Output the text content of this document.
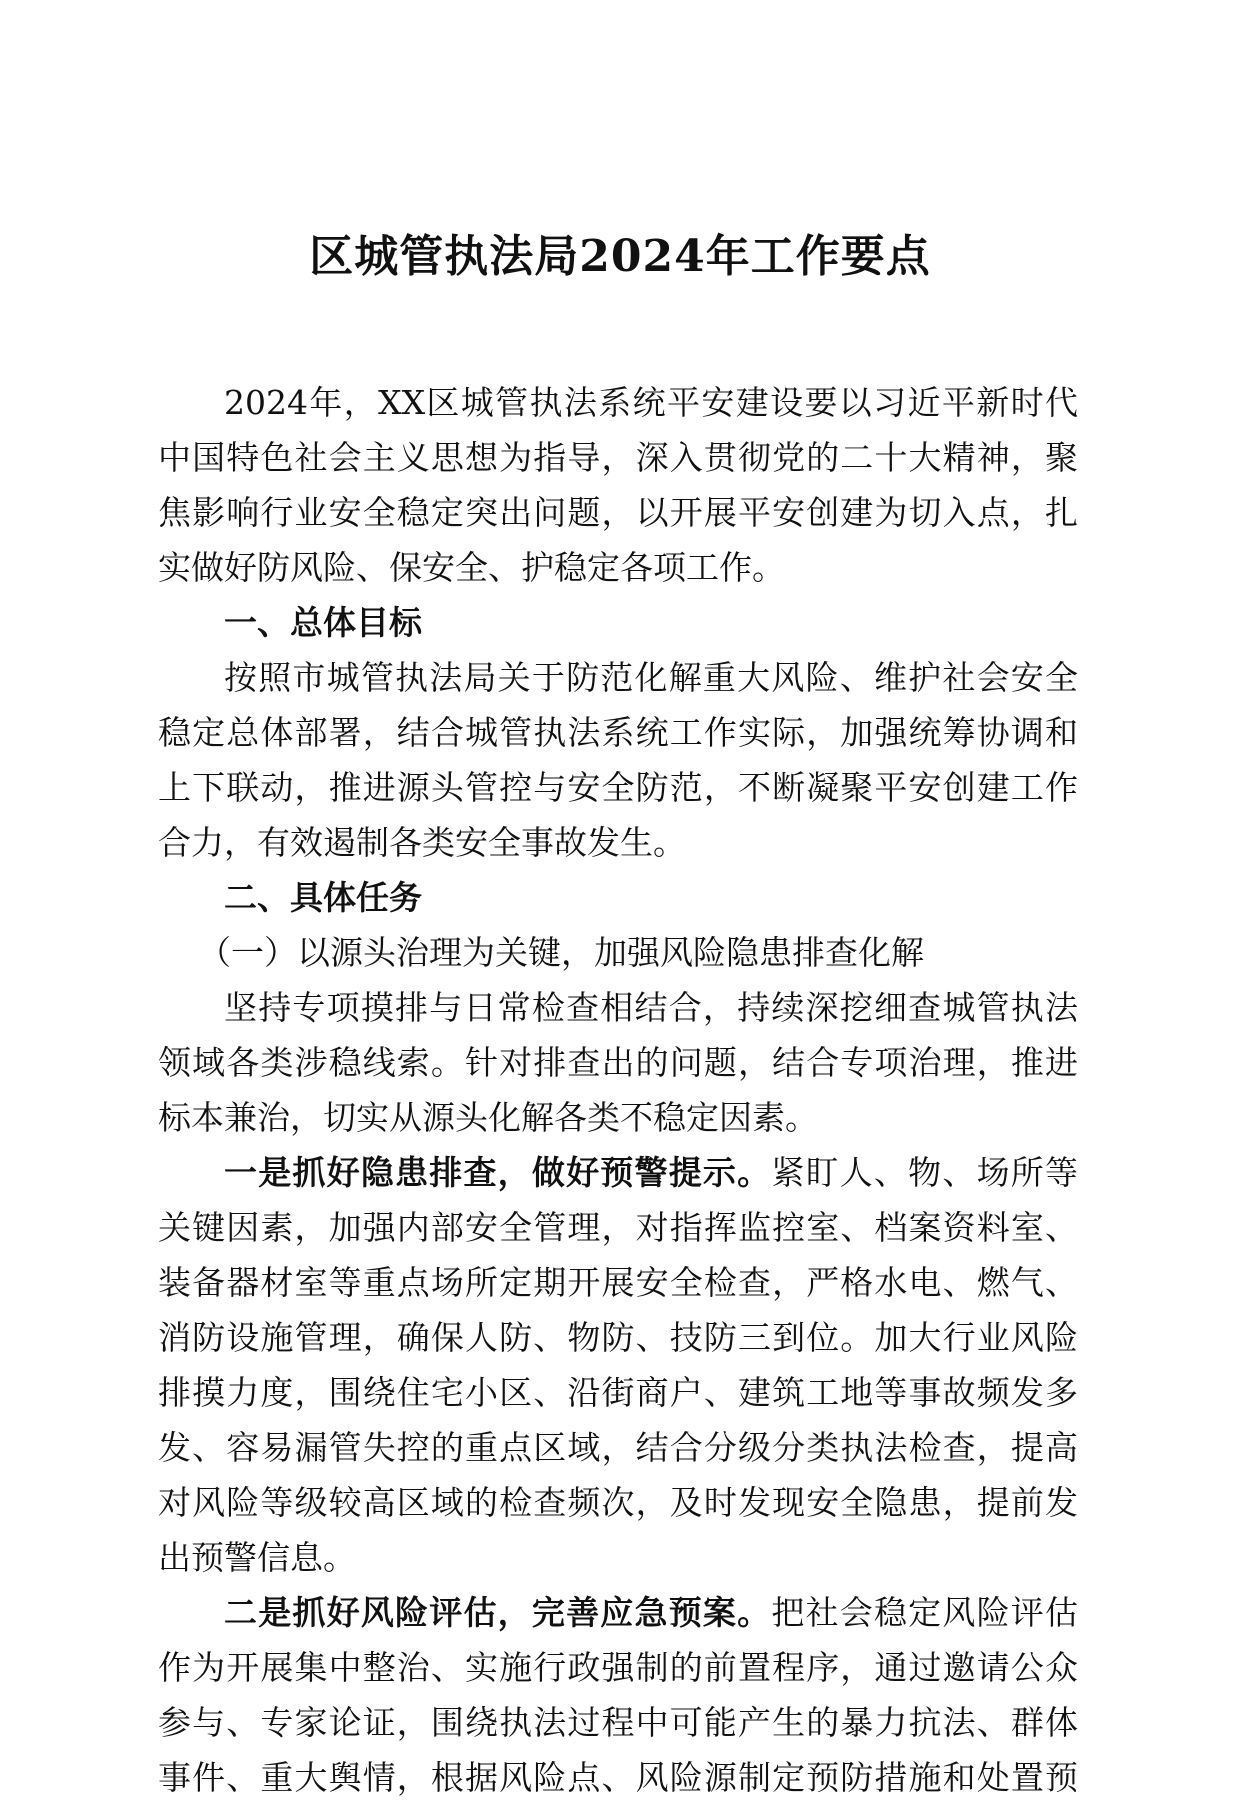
区城管执法局2024年工作要点
2024年，XX区城管执法系统平安建设要以习近平新时代
中国特色社会主义思想为指导，深入贯彻党的二十大精神，聚
焦影响行业安全稳定突出问题，以开展平安创建为切入点，扎
实做好防风险、保安全、护稳定各项工作。
一、总体目标
按照市城管执法局关于防范化解重大风险、维护社会安全
稳定总体部署，结合城管执法系统工作实际，加强统筹协调和
上下联动，推进源头管控与安全防范，不断凝聚平安创建工作
合力，有效遏制各类安全事故发生。
二、具体任务
（一）以源头治理为关键，加强风险隐患排查化解
坚持专项摸排与日常检查相结合，持续深挖细查城管执法
领域各类涉稳线索。针对排查出的问题，结合专项治理，推进
标本兼治，切实从源头化解各类不稳定因素。
一是抓好隐患排查，做好预警提示。紧盯人、物、场所等
关键因素，加强内部安全管理，对指挥监控室、档案资料室、
装备器材室等重点场所定期开展安全检查，严格水电、燃气、
消防设施管理，确保人防、物防、技防三到位。加大行业风险
排摸力度，围绕住宅小区、沿街商户、建筑工地等事故频发多
发、容易漏管失控的重点区域，结合分级分类执法检查，提高
对风险等级较高区域的检查频次，及时发现安全隐患，提前发
出预警信息。
二是抓好风险评估，完善应急预案。把社会稳定风险评估
作为开展集中整治、实施行政强制的前置程序，通过邀请公众
参与、专家论证，围绕执法过程中可能产生的暴力抗法、群体
事件、重大舆情，根据风险点、风险源制定预防措施和处置预
